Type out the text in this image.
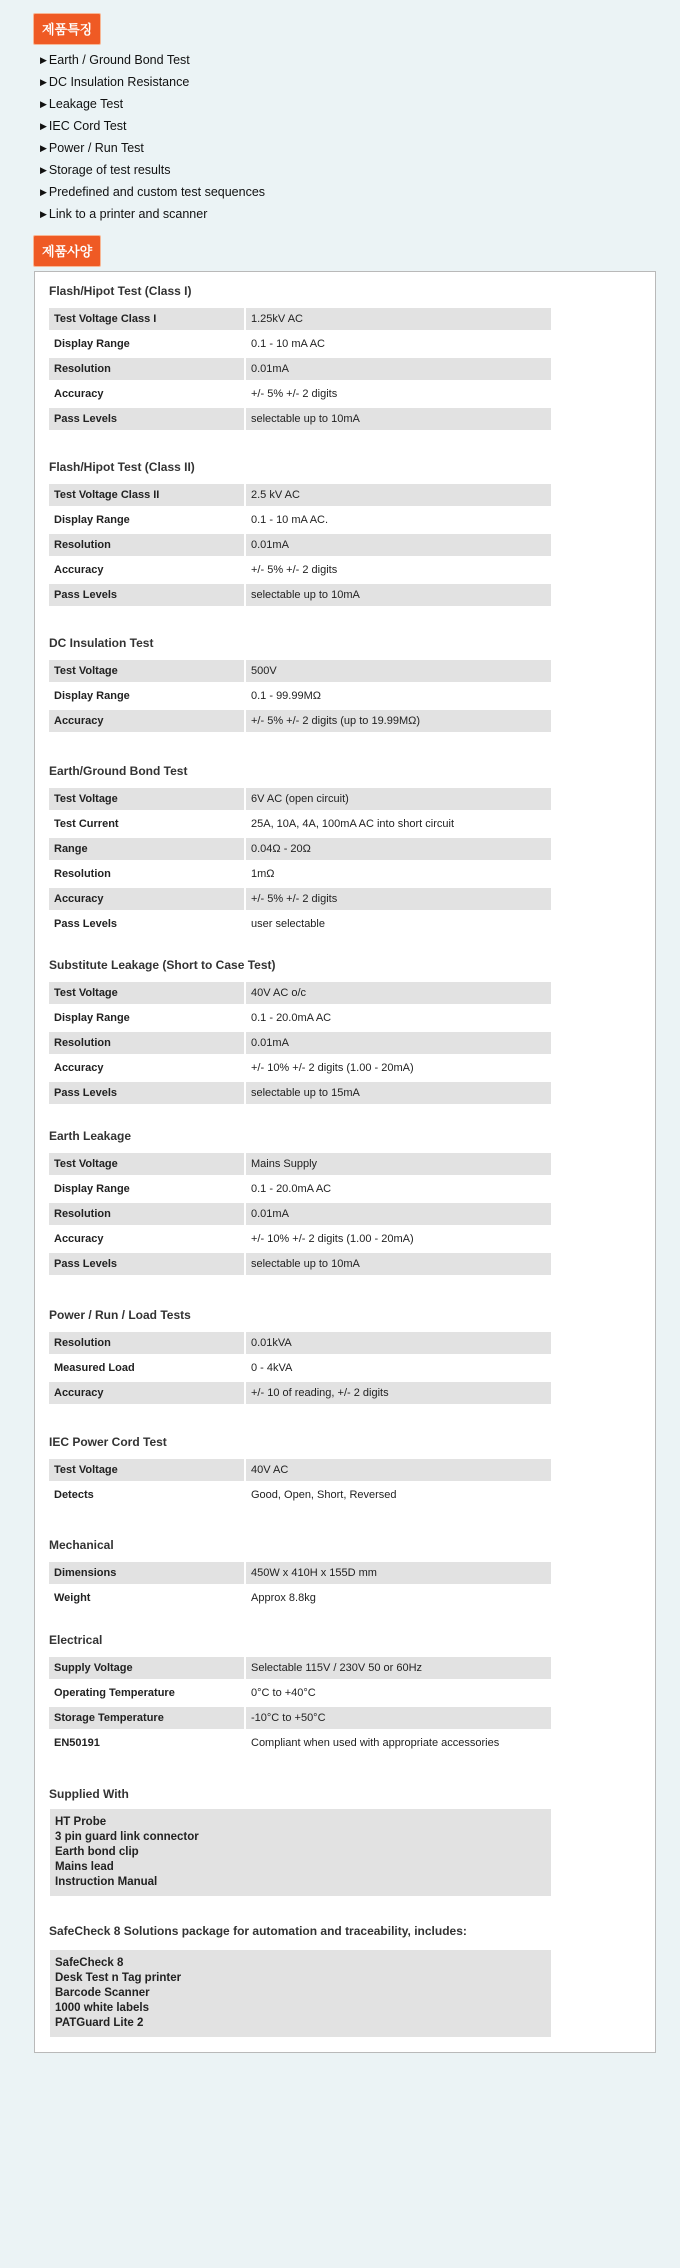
제품특징
▶ Earth / Ground Bond Test
▶ DC Insulation Resistance
▶ Leakage Test
▶ IEC Cord Test
▶ Power / Run Test
▶ Storage of test results
▶ Predefined and custom test sequences
▶ Link to a printer and scanner
제품사양
Flash/Hipot Test (Class I)
Test Voltage Class I	1.25kV AC
Display Range	0.1 - 10 mA AC
Resolution	0.01mA
Accuracy	+/- 5% +/- 2 digits
Pass Levels	selectable up to 10mA
Flash/Hipot Test (Class II)
Test Voltage Class II	2.5 kV AC
Display Range	0.1 - 10 mA AC.
Resolution	0.01mA
Accuracy	+/- 5% +/- 2 digits
Pass Levels	selectable up to 10mA
DC Insulation Test
Test Voltage	500V
Display Range	0.1 - 99.99MΩ
Accuracy	+/- 5% +/- 2 digits (up to 19.99MΩ)
Earth/Ground Bond Test
Test Voltage	6V AC (open circuit)
Test Current	25A, 10A, 4A, 100mA AC into short circuit
Range	0.04Ω - 20Ω
Resolution	1mΩ
Accuracy	+/- 5% +/- 2 digits
Pass Levels	user selectable
Substitute Leakage (Short to Case Test)
Test Voltage	40V AC o/c
Display Range	0.1 - 20.0mA AC
Resolution	0.01mA
Accuracy	+/- 10% +/- 2 digits (1.00 - 20mA)
Pass Levels	selectable up to 15mA
Earth Leakage
Test Voltage	Mains Supply
Display Range	0.1 - 20.0mA AC
Resolution	0.01mA
Accuracy	+/- 10% +/- 2 digits (1.00 - 20mA)
Pass Levels	selectable up to 10mA
Power / Run / Load Tests
Resolution	0.01kVA
Measured Load	0 - 4kVA
Accuracy	+/- 10 of reading, +/- 2 digits
IEC Power Cord Test
Test Voltage	40V AC
Detects	Good, Open, Short, Reversed
Mechanical
Dimensions	450W x 410H x 155D mm
Weight	Approx 8.8kg
Electrical
Supply Voltage	Selectable 115V / 230V 50 or 60Hz
Operating Temperature	0°C to +40°C
Storage Temperature	-10°C to +50°C
EN50191	Compliant when used with appropriate accessories
Supplied With
HT Probe
3 pin guard link connector
Earth bond clip
Mains lead
Instruction Manual
SafeCheck 8 Solutions package for automation and traceability, includes:
SafeCheck 8
Desk Test n Tag printer
Barcode Scanner
1000 white labels
PATGuard Lite 2
